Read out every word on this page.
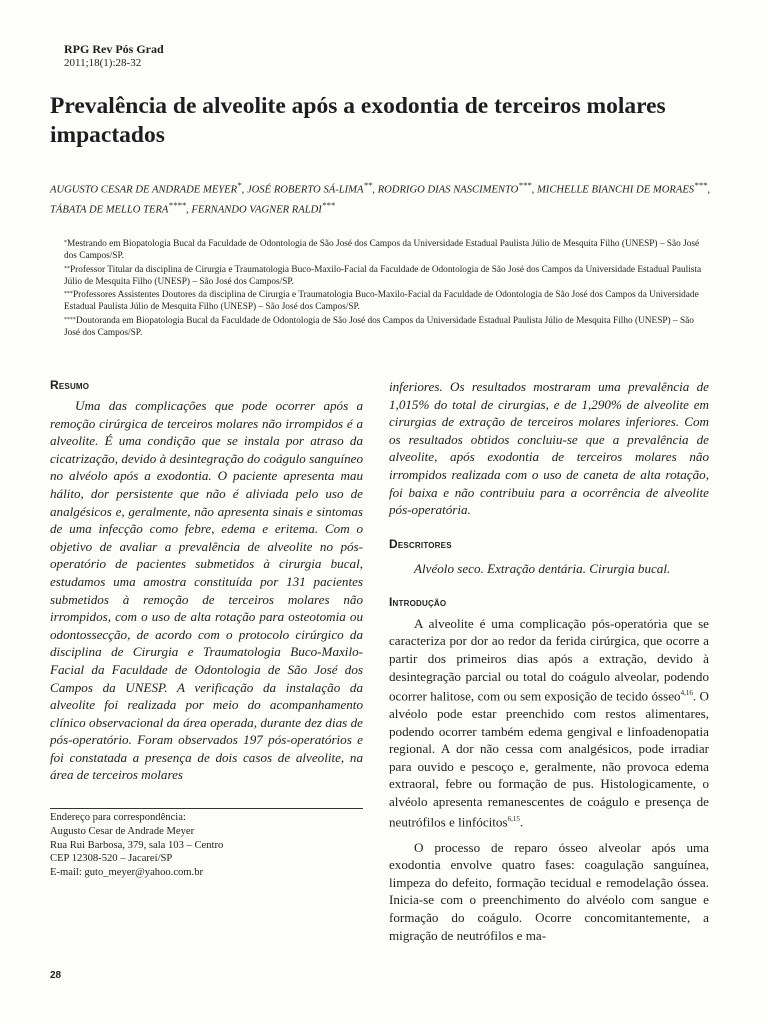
RPG Rev Pós Grad
2011;18(1):28-32
Prevalência de alveolite após a exodontia de terceiros molares impactados
AUGUSTO CESAR DE ANDRADE MEYER*, JOSÉ ROBERTO SÁ-LIMA**, RODRIGO DIAS NASCIMENTO***, MICHELLE BIANCHI DE MORAES***, TÁBATA DE MELLO TERA****, FERNANDO VAGNER RALDI***
*Mestrando em Biopatologia Bucal da Faculdade de Odontologia de São José dos Campos da Universidade Estadual Paulista Júlio de Mesquita Filho (UNESP) – São José dos Campos/SP.
**Professor Titular da disciplina de Cirurgia e Traumatologia Buco-Maxilo-Facial da Faculdade de Odontologia de São José dos Campos da Universidade Estadual Paulista Júlio de Mesquita Filho (UNESP) – São José dos Campos/SP.
***Professores Assistentes Doutores da disciplina de Cirurgia e Traumatologia Buco-Maxilo-Facial da Faculdade de Odontologia de São José dos Campos da Universidade Estadual Paulista Júlio de Mesquita Filho (UNESP) – São José dos Campos/SP.
****Doutoranda em Biopatologia Bucal da Faculdade de Odontologia de São José dos Campos da Universidade Estadual Paulista Júlio de Mesquita Filho (UNESP) – São José dos Campos/SP.
Resumo

Uma das complicações que pode ocorrer após a remoção cirúrgica de terceiros molares não irrompidos é a alveolite. É uma condição que se instala por atraso da cicatrização, devido à desintegração do coágulo sanguíneo no alvéolo após a exodontia. O paciente apresenta mau hálito, dor persistente que não é aliviada pelo uso de analgésicos e, geralmente, não apresenta sinais e sintomas de uma infecção como febre, edema e eritema. Com o objetivo de avaliar a prevalência de alveolite no pós-operatório de pacientes submetidos à cirurgia bucal, estudamos uma amostra constituída por 131 pacientes submetidos à remoção de terceiros molares não irrompidos, com o uso de alta rotação para osteotomia ou odontossecção, de acordo com o protocolo cirúrgico da disciplina de Cirurgia e Traumatologia Buco-Maxilo-Facial da Faculdade de Odontologia de São José dos Campos da UNESP. A verificação da instalação da alveolite foi realizada por meio do acompanhamento clínico observacional da área operada, durante dez dias de pós-operatório. Foram observados 197 pós-operatórios e foi constatada a presença de dois casos de alveolite, na área de terceiros molares

Endereço para correspondência:
Augusto Cesar de Andrade Meyer
Rua Rui Barbosa, 379, sala 103 – Centro
CEP 12308-520 – Jacareí/SP
E-mail: guto_meyer@yahoo.com.br

inferiores. Os resultados mostraram uma prevalência de 1,015% do total de cirurgias, e de 1,290% de alveolite em cirurgias de extração de terceiros molares inferiores. Com os resultados obtidos concluiu-se que a prevalência de alveolite, após exodontia de terceiros molares não irrompidos realizada com o uso de caneta de alta rotação, foi baixa e não contribuiu para a ocorrência de alveolite pós-operatória.

Descritores

Alvéolo seco. Extração dentária. Cirurgia bucal.

Introdução

A alveolite é uma complicação pós-operatória que se caracteriza por dor ao redor da ferida cirúrgica, que ocorre a partir dos primeiros dias após a extração, devido à desintegração parcial ou total do coágulo alveolar, podendo ocorrer halitose, com ou sem exposição de tecido ósseo$^{4,16}$. O alvéolo pode estar preenchido com restos alimentares, podendo ocorrer também edema gengival e linfoadenopatia regional. A dor não cessa com analgésicos, pode irradiar para ouvido e pescoço e, geralmente, não provoca edema extraoral, febre ou formação de pus. Histologicamente, o alvéolo apresenta remanescentes de coágulo e presença de neutrófilos e linfócitos$^{6,15}$.

O processo de reparo ósseo alveolar após uma exodontia envolve quatro fases: coagulação sanguínea, limpeza do defeito, formação tecidual e remodelação óssea. Inicia-se com o preenchimento do alvéolo com sangue e formação do coágulo. Ocorre concomitantemente, a migração de neutrófilos e ma-

28
